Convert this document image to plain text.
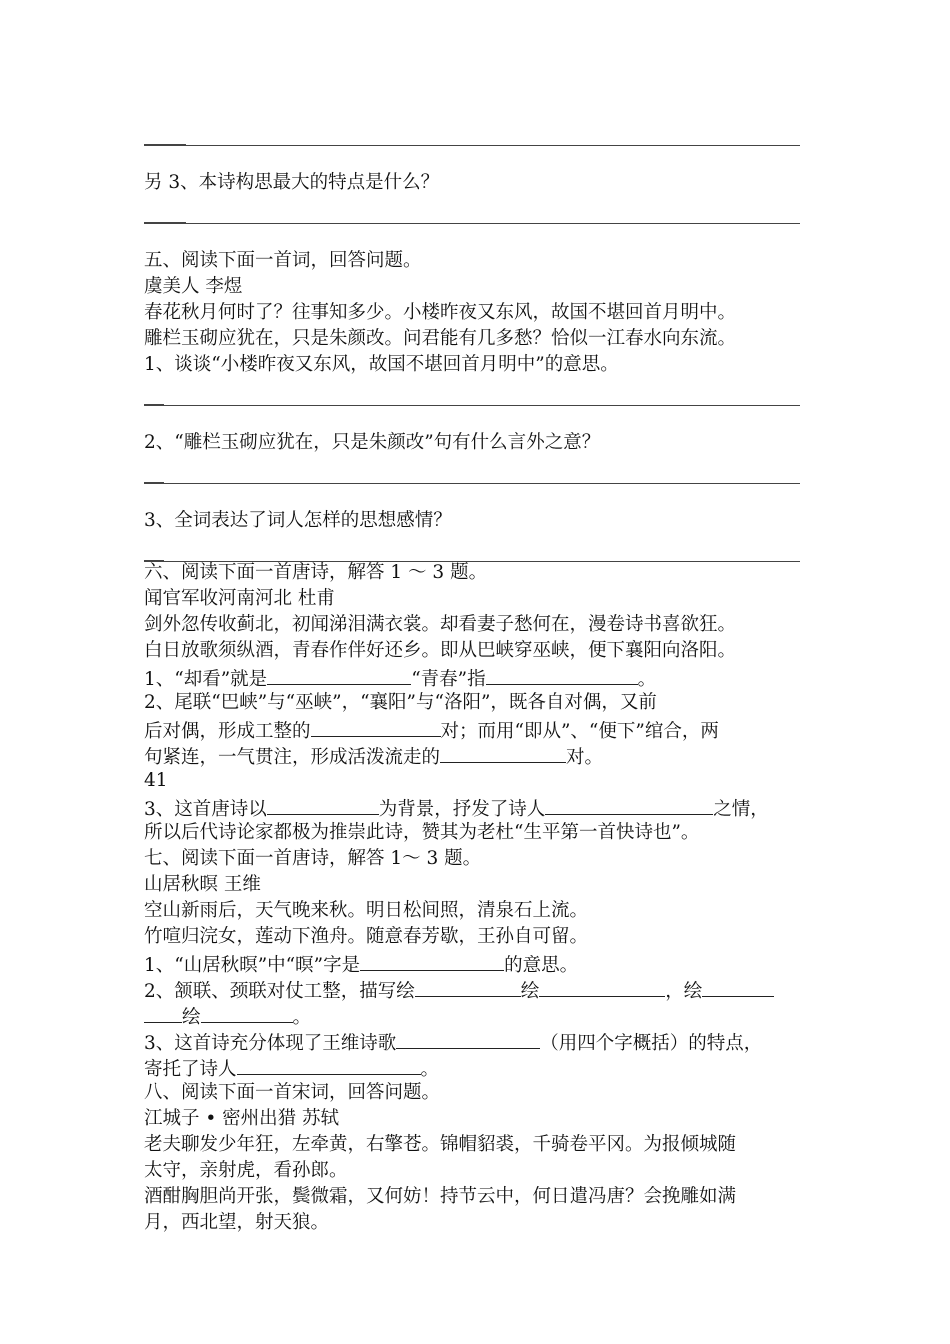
另 3、本诗构思最大的特点是什么？
五、阅读下面一首词，回答问题。
虞美人 李煜
春花秋月何时了？往事知多少。小楼昨夜又东风，故国不堪回首月明中。
雕栏玉砌应犹在，只是朱颜改。问君能有几多愁？恰似一江春水向东流。
1、谈谈“小楼昨夜又东风，故国不堪回首月明中”的意思。
2、“雕栏玉砌应犹在，只是朱颜改”句有什么言外之意？
3、全词表达了词人怎样的思想感情？
六、阅读下面一首唐诗，解答 1 ～ 3 题。
闻官军收河南河北 杜甫
剑外忽传收蓟北，初闻涕泪满衣裳。却看妻子愁何在，漫卷诗书喜欲狂。
白日放歌须纵酒，青春作伴好还乡。即从巴峡穿巫峡，便下襄阳向洛阳。
1、“却看”就是	“青春”指	。
2、尾联“巴峡”与“巫峡”，“襄阳”与“洛阳”，既各自对偶，又前
后对偶，形成工整的	对；而用“即从”、“便下”绾合，两
句紧连，一气贯注，形成活泼流走的	对。
41
3、这首唐诗以	为背景，抒发了诗人	之情，
所以后代诗论家都极为推崇此诗，赞其为老杜“生平第一首快诗也”。
七、阅读下面一首唐诗，解答 1～ 3 题。
山居秋暝 王维
空山新雨后，天气晚来秋。明日松间照，清泉石上流。
竹喧归浣女，莲动下渔舟。随意春芳歇，王孙自可留。
1、“山居秋暝”中“暝”字是	的意思。
2、颔联、颈联对仗工整，描写绘	绘	，绘
绘	。
3、这首诗充分体现了王维诗歌	（用四个字概括）的特点，
寄托了诗人	。
八、阅读下面一首宋词，回答问题。
江城子 • 密州出猎 苏轼
老夫聊发少年狂，左牵黄，右擎苍。锦帽貂裘，千骑卷平冈。为报倾城随
太守，亲射虎，看孙郎。
酒酣胸胆尚开张，鬓微霜，又何妨！持节云中，何日遣冯唐？会挽雕如满
月，西北望，射天狼。
